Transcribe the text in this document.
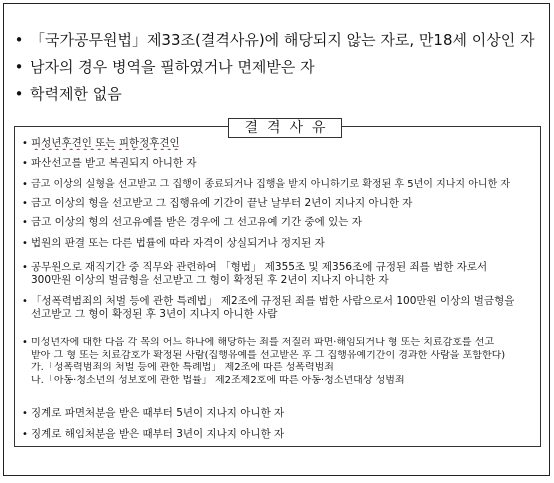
• 「국가공무원법」제33조(결격사유)에 해당되지 않는 자로, 만18세 이상인 자
• 남자의 경우 병역을 필하였거나 면제받은 자
• 학력제한 없음
결격사유
• 피성년후견인 또는 피한정후견인
• 파산선고를 받고 복권되지 아니한 자
• 금고 이상의 실형을 선고받고 그 집행이 종료되거나 집행을 받지 아니하기로 확정된 후 5년이 지나지 아니한 자
• 금고 이상의 형을 선고받고 그 집행유예 기간이 끝난 날부터 2년이 지나지 아니한 자
• 금고 이상의 형의 선고유예를 받은 경우에 그 선고유예 기간 중에 있는 자
• 법원의 판결 또는 다른 법률에 따라 자격이 상실되거나 정지된 자
• 공무원으로 재직기간 중 직무와 관련하여 「형법」 제355조 및 제356조에 규정된 죄를 범한 자로서
300만원 이상의 벌금형을 선고받고 그 형이 확정된 후 2년이 지나지 아니한 자
• 「성폭력범죄의 처벌 등에 관한 특례법」 제2조에 규정된 죄를 범한 사람으로서 100만원 이상의 벌금형을
선고받고 그 형이 확정된 후 3년이 지나지 아니한 사람
• 미성년자에 대한 다음 각 목의 어느 하나에 해당하는 죄를 저질러 파면·해임되거나 형 또는 치료감호를 선고
받아 그 형 또는 치료감호가 확정된 사람(집행유예를 선고받은 후 그 집행유예기간이 경과한 사람을 포함한다)
가.「성폭력범죄의 처벌 등에 관한 특례법」 제2조에 따른 성폭력범죄
나.「아동·청소년의 성보호에 관한 법률」 제2조제2호에 따른 아동·청소년대상 성범죄
• 징계로 파면처분을 받은 때부터 5년이 지나지 아니한 자
• 징계로 해임처분을 받은 때부터 3년이 지나지 아니한 자
